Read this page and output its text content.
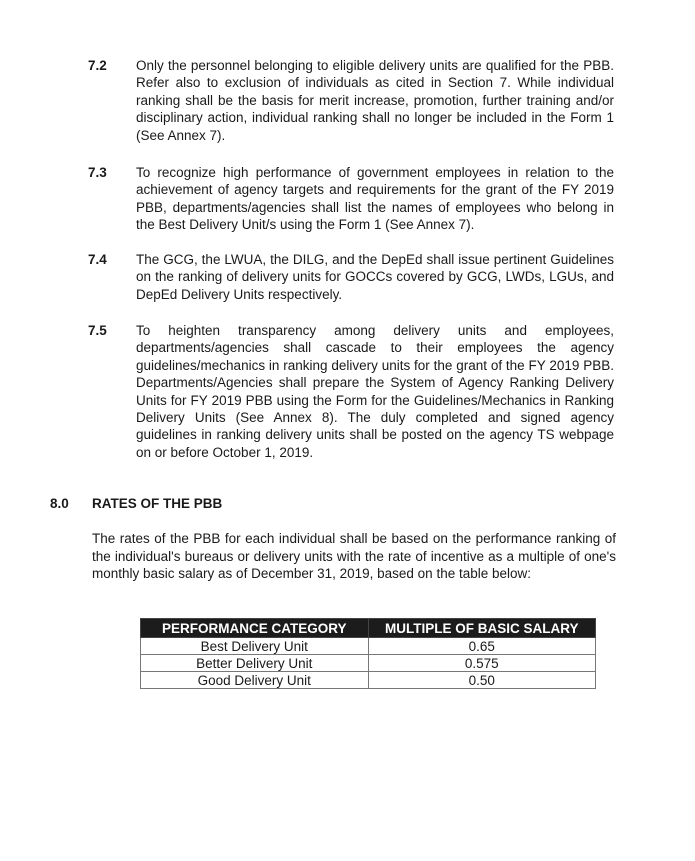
7.2 Only the personnel belonging to eligible delivery units are qualified for the PBB. Refer also to exclusion of individuals as cited in Section 7. While individual ranking shall be the basis for merit increase, promotion, further training and/or disciplinary action, individual ranking shall no longer be included in the Form 1 (See Annex 7).
7.3 To recognize high performance of government employees in relation to the achievement of agency targets and requirements for the grant of the FY 2019 PBB, departments/agencies shall list the names of employees who belong in the Best Delivery Unit/s using the Form 1 (See Annex 7).
7.4 The GCG, the LWUA, the DILG, and the DepEd shall issue pertinent Guidelines on the ranking of delivery units for GOCCs covered by GCG, LWDs, LGUs, and DepEd Delivery Units respectively.
7.5 To heighten transparency among delivery units and employees, departments/agencies shall cascade to their employees the agency guidelines/mechanics in ranking delivery units for the grant of the FY 2019 PBB. Departments/Agencies shall prepare the System of Agency Ranking Delivery Units for FY 2019 PBB using the Form for the Guidelines/Mechanics in Ranking Delivery Units (See Annex 8). The duly completed and signed agency guidelines in ranking delivery units shall be posted on the agency TS webpage on or before October 1, 2019.
8.0 RATES OF THE PBB
The rates of the PBB for each individual shall be based on the performance ranking of the individual's bureaus or delivery units with the rate of incentive as a multiple of one's monthly basic salary as of December 31, 2019, based on the table below:
PERFORMANCE CATEGORY	MULTIPLE OF BASIC SALARY
Best Delivery Unit	0.65
Better Delivery Unit	0.575
Good Delivery Unit	0.50
